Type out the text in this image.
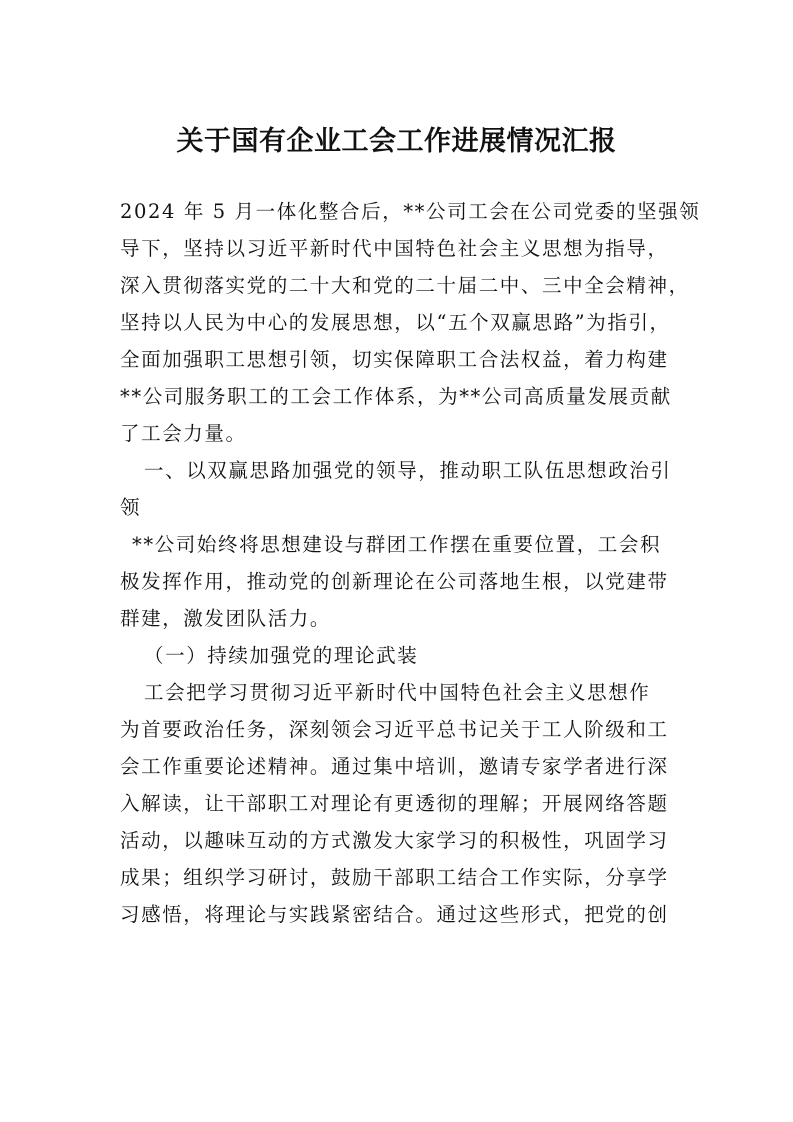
关于国有企业工会工作进展情况汇报
2024 年 5 月一体化整合后，**公司工会在公司党委的坚强领
导下，坚持以习近平新时代中国特色社会主义思想为指导，
深入贯彻落实党的二十大和党的二十届二中、三中全会精神，
坚持以人民为中心的发展思想，以“五个双赢思路”为指引，
全面加强职工思想引领，切实保障职工合法权益，着力构建
**公司服务职工的工会工作体系，为**公司高质量发展贡献
了工会力量。
一、以双赢思路加强党的领导，推动职工队伍思想政治引
领
**公司始终将思想建设与群团工作摆在重要位置，工会积
极发挥作用，推动党的创新理论在公司落地生根，以党建带
群建，激发团队活力。
（一）持续加强党的理论武装
工会把学习贯彻习近平新时代中国特色社会主义思想作
为首要政治任务，深刻领会习近平总书记关于工人阶级和工
会工作重要论述精神。通过集中培训，邀请专家学者进行深
入解读，让干部职工对理论有更透彻的理解；开展网络答题
活动，以趣味互动的方式激发大家学习的积极性，巩固学习
成果；组织学习研讨，鼓励干部职工结合工作实际，分享学
习感悟，将理论与实践紧密结合。通过这些形式，把党的创
